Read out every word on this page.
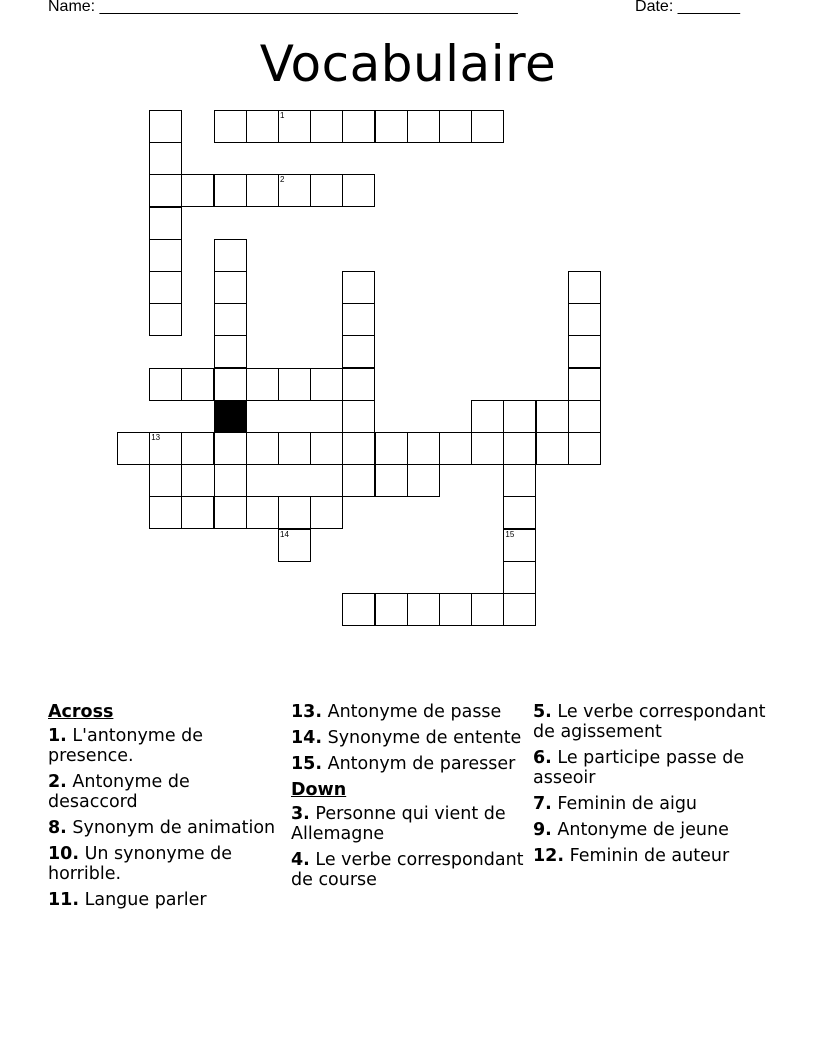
Name: _______________________________________________	Date: _______
Vocabulaire
1
2
13
15
14
Across
1. L'antonyme de presence.
2. Antonyme de desaccord
8. Synonym de animation
10. Un synonyme de horrible.
11. Langue parler
13. Antonyme de passe
14. Synonyme de entente
15. Antonym de paresser
Down
3. Personne qui vient de Allemagne
4. Le verbe correspondant de course
5. Le verbe correspondant de agissement
6. Le participe passe de asseoir
7. Feminin de aigu
9. Antonyme de jeune
12. Feminin de auteur
